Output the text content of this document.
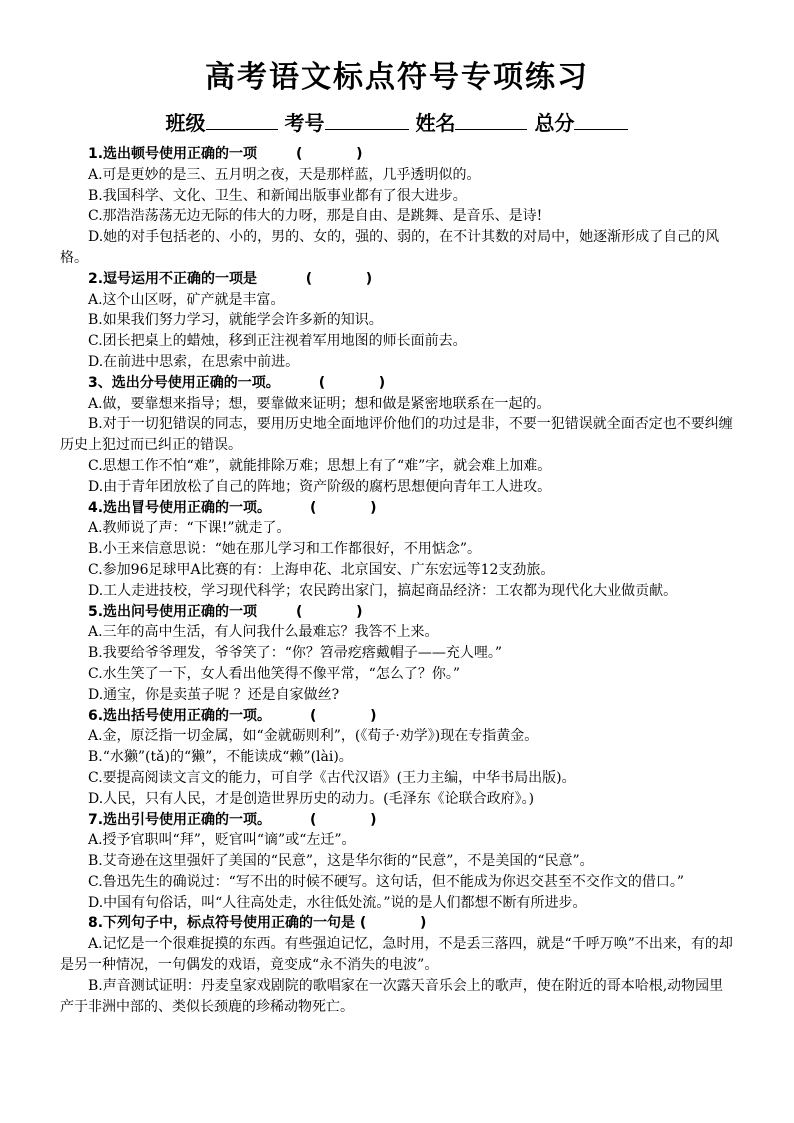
高考语文标点符号专项练习
班级	考号	姓名	总分
1.选出顿号使用正确的一项        (           )
A.可是更妙的是三、五月明之夜，天是那样蓝，几乎透明似的。
B.我国科学、文化、卫生、和新闻出版事业都有了很大进步。
C.那浩浩荡荡无边无际的伟大的力呀，那是自由、是跳舞、是音乐、是诗!
D.她的对手包括老的、小的，男的、女的，强的、弱的，在不计其数的对局中，她逐渐形成了自己的风格。
2.逗号运用不正确的一项是          (           )
A.这个山区呀，矿产就是丰富。
B.如果我们努力学习，就能学会许多新的知识。
C.团长把桌上的蜡烛，移到正注视着军用地图的师长面前去。
D.在前进中思索，在思索中前进。
3、选出分号使用正确的一项。        (           )
A.做，要靠想来指导；想，要靠做来证明；想和做是紧密地联系在一起的。
B.对于一切犯错误的同志，要用历史地全面地评价他们的功过是非，不要一犯错误就全面否定也不要纠缠历史上犯过而已纠正的错误。
C.思想工作不怕“难”，就能排除万难；思想上有了“难”字，就会难上加难。
D.由于青年团放松了自己的阵地；资产阶级的腐朽思想便向青年工人进攻。
4.选出冒号使用正确的一项。        (           )
A.教师说了声：“下课!”就走了。
B.小王来信意思说：“她在那儿学习和工作都很好，不用惦念”。
C.参加96足球甲A比赛的有：上海申花、北京国安、广东宏远等12支劲旅。
D.工人走进技校，学习现代科学；农民跨出家门，搞起商品经济：工农都为现代化大业做贡献。
5.选出问号使用正确的一项        (           )
A.三年的高中生活，有人问我什么最难忘？我答不上来。
B.我要给爷爷理发，爷爷笑了：“你？笤帚疙瘩戴帽子——充人哩。”
C.水生笑了一下，女人看出他笑得不像平常，“怎么了？你。”
D.通宝，你是卖茧子呢 ？还是自家做丝?
6.选出括号使用正确的一项。        (           )
A.金，原泛指一切金属，如“金就砺则利”，(《荀子·劝学》)现在专指黄金。
B.“水獭”(tǎ)的“獭”，不能读成“赖”(lài)。
C.要提高阅读文言文的能力，可自学《古代汉语》(王力主编，中华书局出版)。
D.人民，只有人民，才是创造世界历史的动力。(毛泽东《论联合政府》。)
7.选出引号使用正确的一项。        (           )
A.授予官职叫“拜”，贬官叫“谪”或“左迁”。
B.艾奇逊在这里强奸了美国的“民意”，这是华尔街的“民意”，不是美国的“民意”。
C.鲁迅先生的确说过：“写不出的时候不硬写。这句话，但不能成为你迟交甚至不交作文的借口。”
D.中国有句俗话，叫“人往高处走，水往低处流。”说的是人们都想不断有所进步。
8.下列句子中，标点符号使用正确的一句是 (           )
A.记忆是一个很难捉摸的东西。有些强迫记忆，急时用，不是丢三落四，就是“千呼万唤”不出来，有的却是另一种情况，一句偶发的戏语，竟变成“永不消失的电波”。
B.声音测试证明：丹麦皇家戏剧院的歌唱家在一次露天音乐会上的歌声，使在附近的哥本哈根,动物园里产于非洲中部的、类似长颈鹿的珍稀动物死亡。
